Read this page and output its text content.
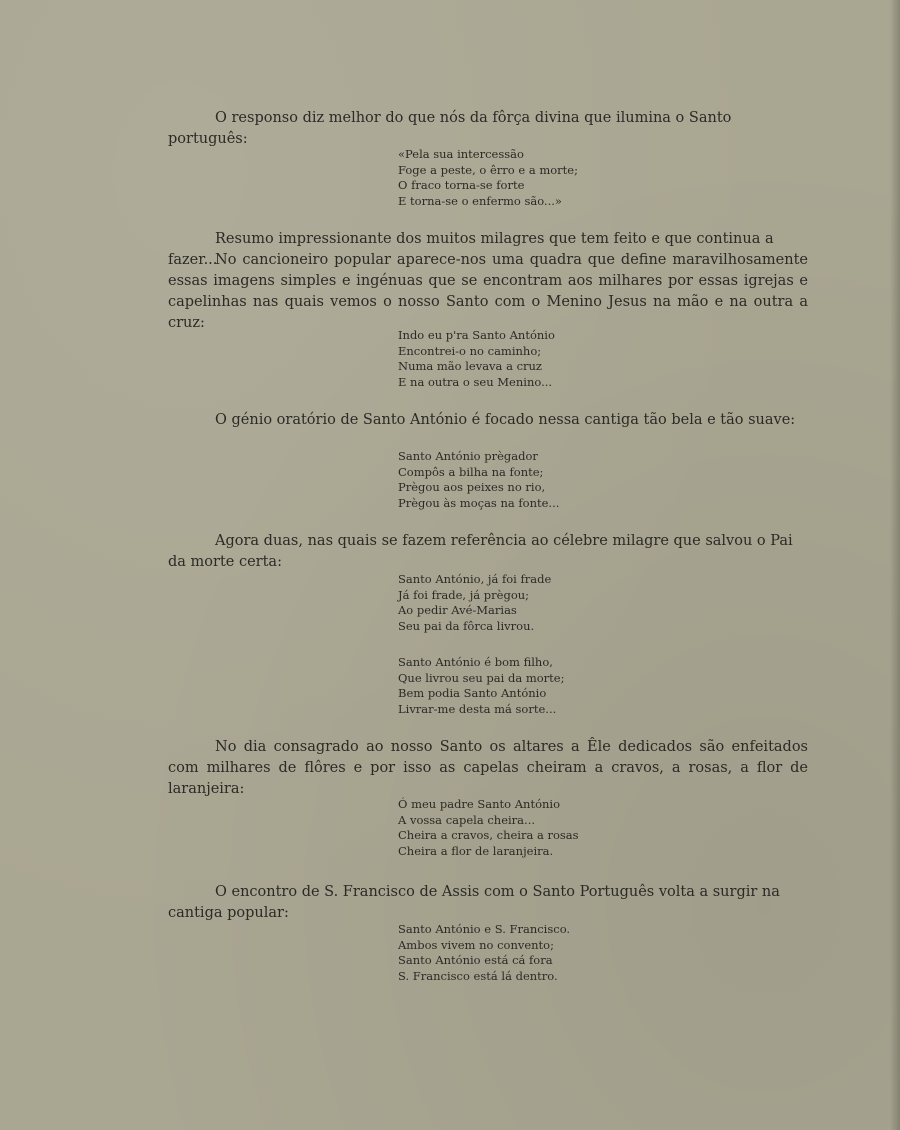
O responso diz melhor do que nós da fôrça divina que ilumina o Santo português:

«Pela sua intercessão
Foge a peste, o êrro e a morte;
O fraco torna-se forte
E torna-se o enfermo são...»

Resumo impressionante dos muitos milagres que tem feito e que continua a fazer...

No cancioneiro popular aparece-nos uma quadra que define maravilhosamente essas imagens simples e ingénuas que se encontram aos milhares por essas igrejas e capelinhas nas quais vemos o nosso Santo com o Menino Jesus na mão e na outra a cruz:

Indo eu p'ra Santo António
Encontrei-o no caminho;
Numa mão levava a cruz
E na outra o seu Menino...

O génio oratório de Santo António é focado nessa cantiga tão bela e tão suave:

Santo António prègador
Compôs a bilha na fonte;
Prègou aos peixes no rio,
Prègou às moças na fonte...

Agora duas, nas quais se fazem referência ao célebre milagre que salvou o Pai da morte certa:

Santo António, já foi frade
Já foi frade, já prègou;
Ao pedir Avé-Marias
Seu pai da fôrca livrou.
Santo António é bom filho,
Que livrou seu pai da morte;
Bem podia Santo António
Livrar-me desta má sorte...

No dia consagrado ao nosso Santo os altares a Êle dedicados são enfeitados com milhares de flôres e por isso as capelas cheiram a cravos, a rosas, a flor de laranjeira:

Ó meu padre Santo António
A vossa capela cheira...
Cheira a cravos, cheira a rosas
Cheira a flor de laranjeira.

O encontro de S. Francisco de Assis com o Santo Português volta a surgir na cantiga popular:

Santo António e S. Francisco.
Ambos vivem no convento;
Santo António está cá fora
S. Francisco está lá dentro.
